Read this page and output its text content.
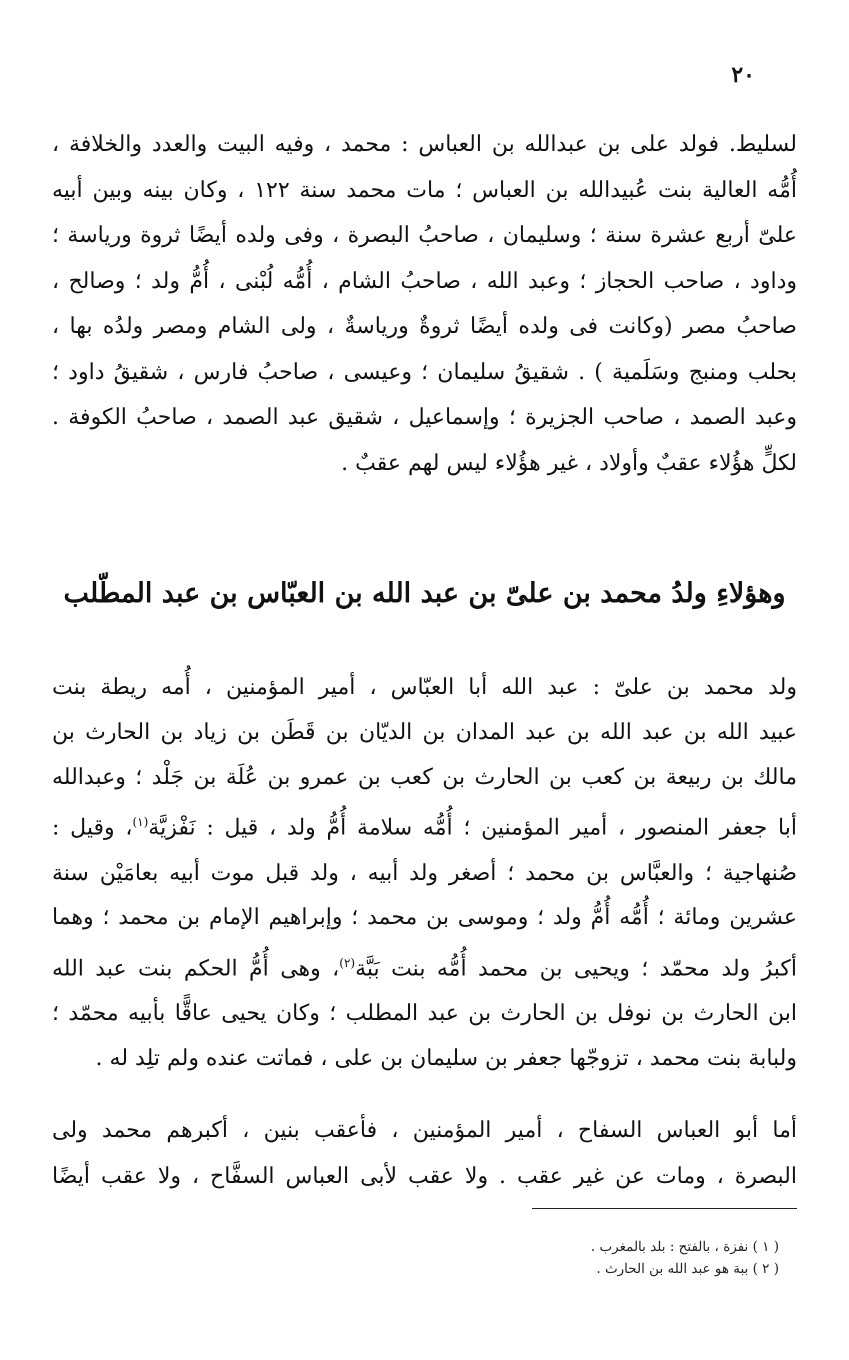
٢٠
لسليط. فولد على بن عبدالله بن العباس : محمد ، وفيه البيت والعدد والخلافة ،
أُمُّه العالية بنت عُبيدالله بن العباس ؛ مات محمد سنة ١٢٢ ، وكان بينه وبين أبيه
علىّ أربع عشرة سنة ؛ وسليمان ، صاحبُ البصرة ، وفى ولده أيضًا ثروة ورياسة ؛
وداود ، صاحب الحجاز ؛ وعبد الله ، صاحبُ الشام ، أُمُّه لُبْنى ، أُمُّ ولد ؛ وصالح ،
صاحبُ مصر (وكانت فى ولده أيضًا ثروةٌ ورياسةٌ ، ولى الشام ومصر ولدُه بها ،
بحلب ومنبج وسَلَمية ) . شقيقُ سليمان ؛ وعيسى ، صاحبُ فارس ، شقيقُ داود ؛
وعبد الصمد ، صاحب الجزيرة ؛ وإسماعيل ، شقيق عبد الصمد ، صاحبُ الكوفة .
لكلٍّ هؤُلاء عقبٌ وأولاد ، غير هؤُلاء ليس لهم عقبٌ .
وهؤلاءِ ولدُ محمد بن علىّ بن عبد الله بن العبّاس بن عبد المطّلب
ولد محمد بن علىّ : عبد الله أبا العبّاس ، أمير المؤمنين ، أُمه ريطة بنت
عبيد الله بن عبد الله بن عبد المدان بن الديّان بن قَطَن بن زياد بن الحارث بن
مالك بن ربيعة بن كعب بن الحارث بن كعب بن عمرو بن عُلَة بن جَلْد ؛ وعبدالله
أبا جعفر المنصور ، أمير المؤمنين ؛ أُمُّه سلامة أُمُّ ولد ، قيل : نَفْزيَّة$^{(١)}$، وقيل :
صُنهاجية ؛ والعبَّاس بن محمد ؛ أصغر ولد أبيه ، ولد قبل موت أبيه بعامَيْن سنة
عشرين ومائة ؛ أُمُّه أُمُّ ولد ؛ وموسى بن محمد ؛ وإبراهيم الإمام بن محمد ؛ وهما
أكبرُ ولد محمّد ؛ ويحيى بن محمد أُمُّه بنت بَبَّة$^{(٢)}$، وهى أُمُّ الحكم بنت عبد الله
ابن الحارث بن نوفل بن الحارث بن عبد المطلب ؛ وكان يحيى عاقًّا بأبيه محمّد ؛
ولبابة بنت محمد ، تزوجّها جعفر بن سليمان بن على ، فماتت عنده ولم تلِد له .
أما أبو العباس السفاح ، أمير المؤمنين ، فأعقب بنين ، أكبرهم محمد ولى
البصرة ، ومات عن غير عقب . ولا عقب لأبى العباس السفَّاح ، ولا عقب أيضًا
( ١ ) نفزة ، بالفتح : بلد بالمغرب .
( ٢ ) ببة هو عبد الله بن الحارث .
